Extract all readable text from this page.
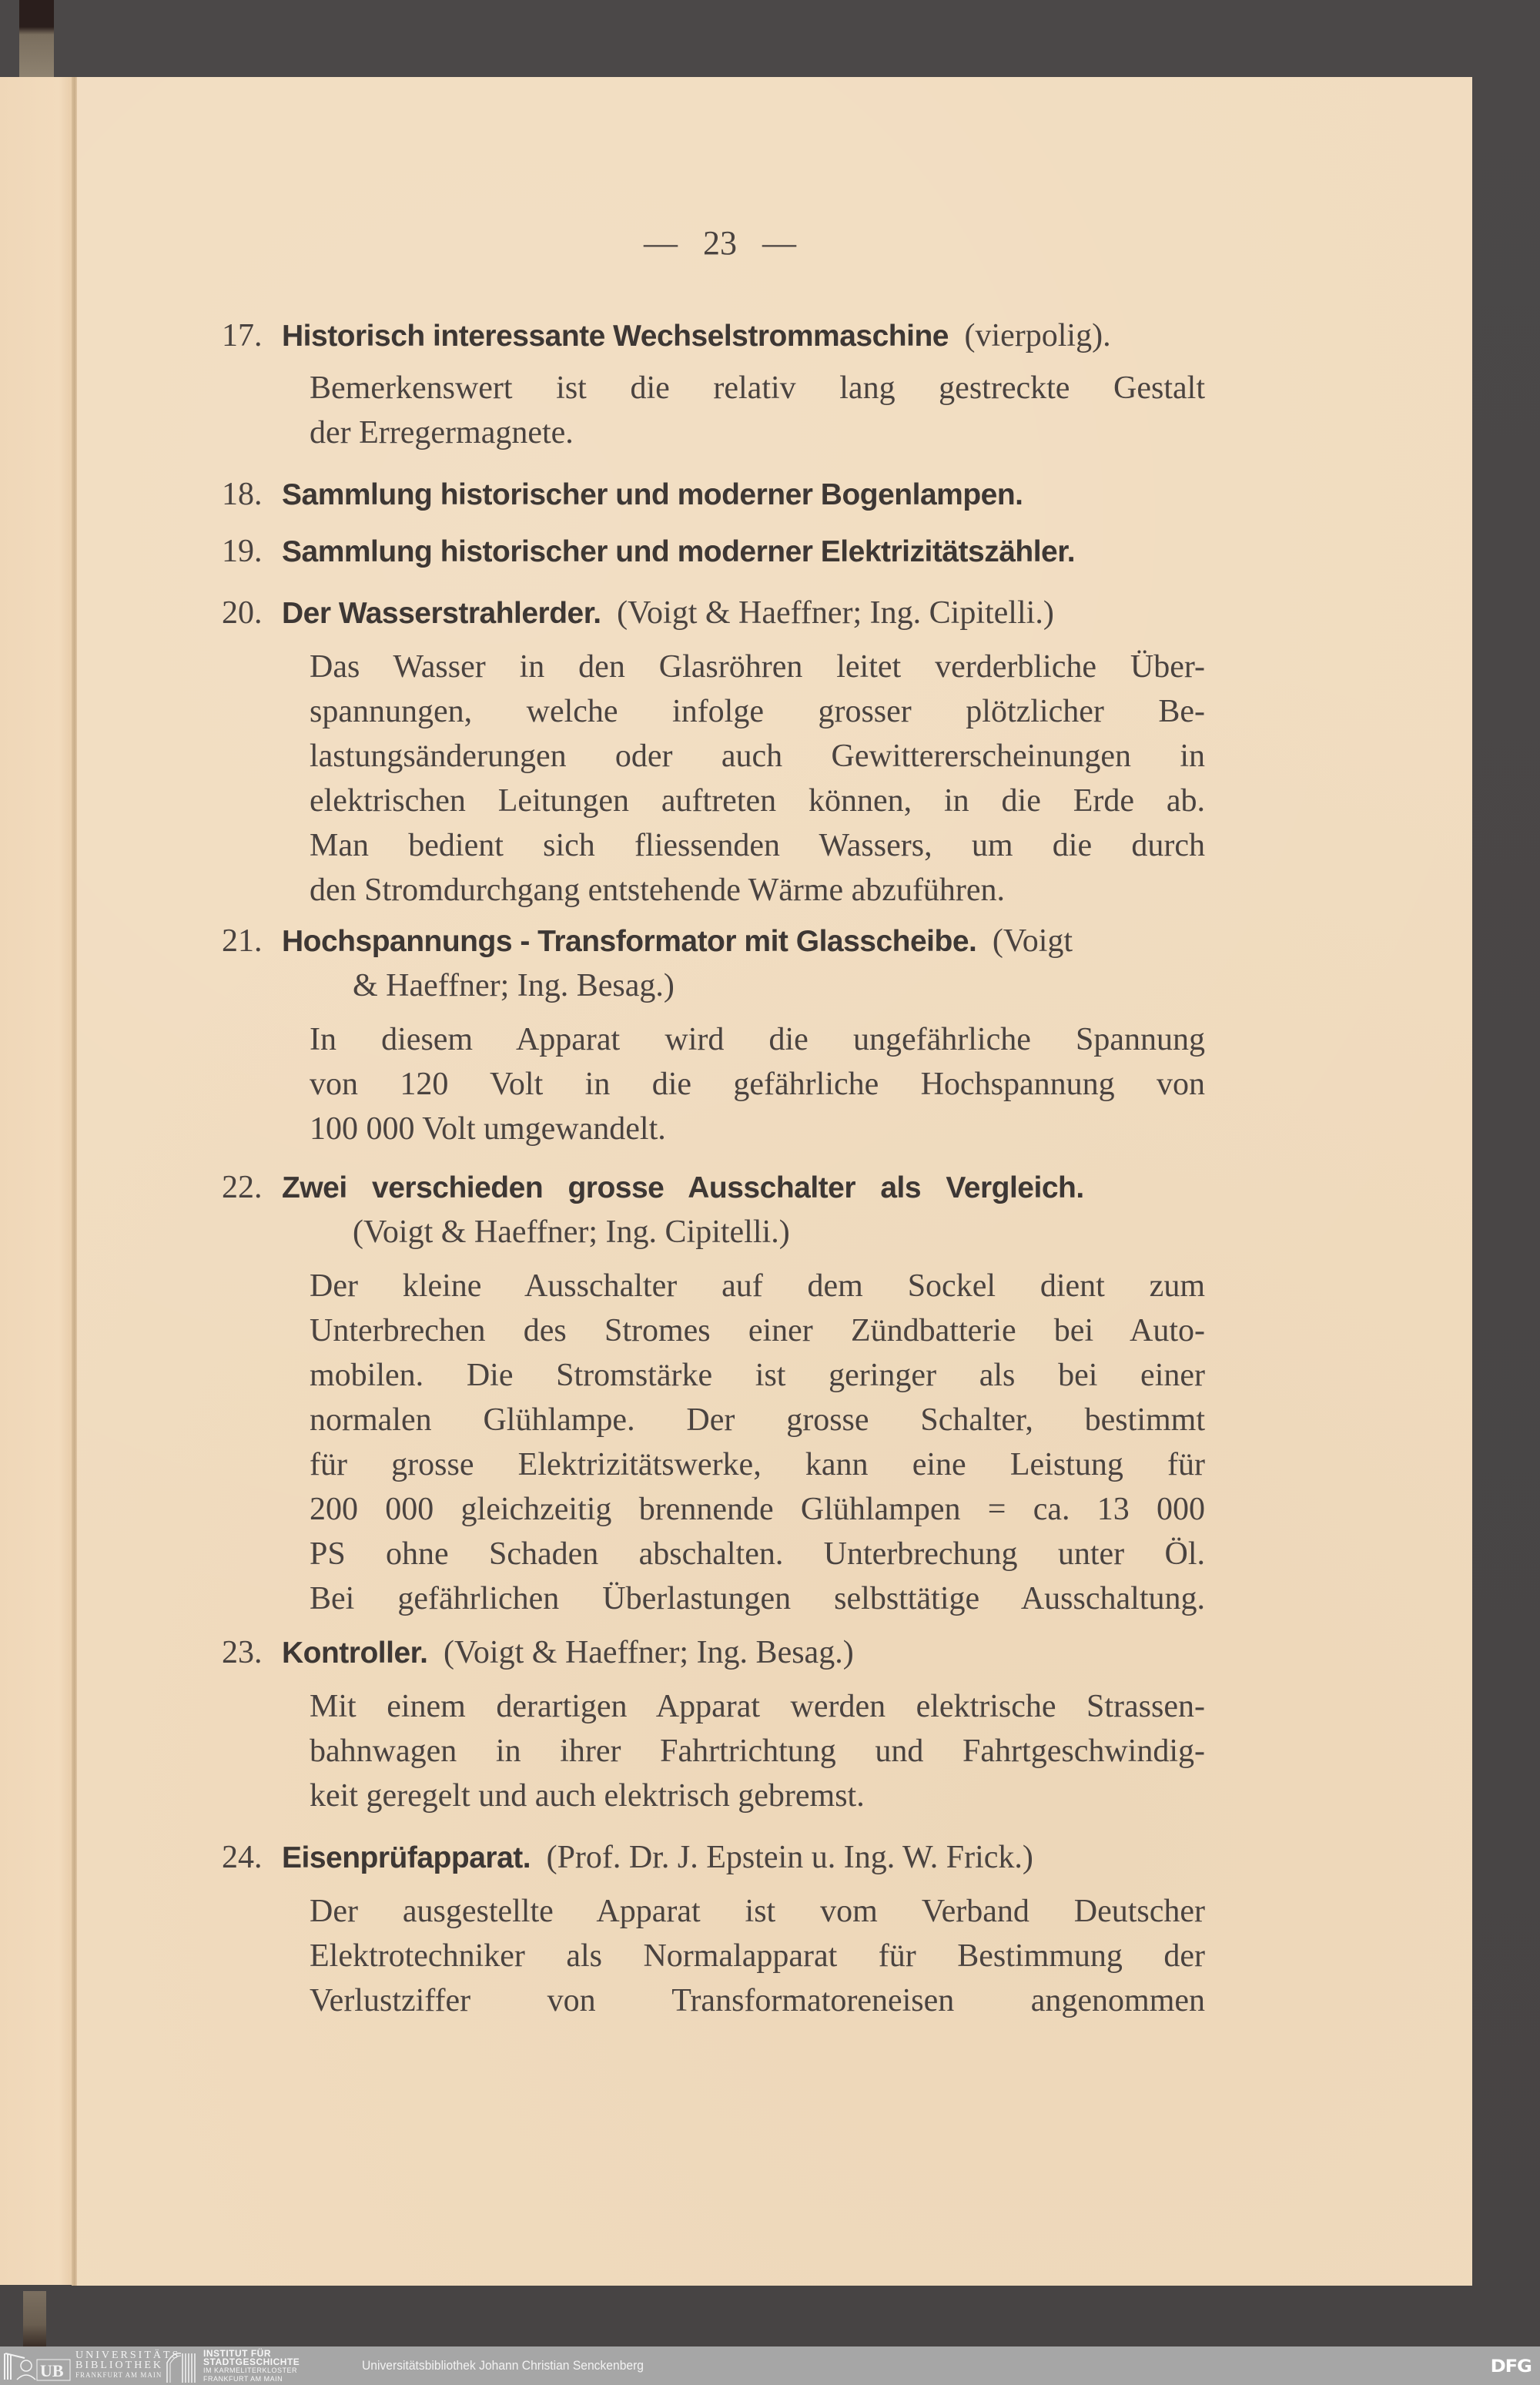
— 23 —
17. Historisch interessante Wechselstrommaschine (vierpolig).
Bemerkenswert ist die relativ lang gestreckte Gestalt
der Erregermagnete.
18. Sammlung historischer und moderner Bogenlampen.
19. Sammlung historischer und moderner Elektrizitätszähler.
20. Der Wasserstrahlerder. (Voigt & Haeffner; Ing. Cipitelli.)
Das Wasser in den Glasröhren leitet verderbliche Über-
spannungen, welche infolge grosser plötzlicher Be-
lastungsänderungen oder auch Gewittererscheinungen in
elektrischen Leitungen auftreten können, in die Erde ab.
Man bedient sich fliessenden Wassers, um die durch
den Stromdurchgang entstehende Wärme abzuführen.
21. Hochspannungs - Transformator mit Glasscheibe. (Voigt
& Haeffner; Ing. Besag.)
In diesem Apparat wird die ungefährliche Spannung
von 120 Volt in die gefährliche Hochspannung von
100 000 Volt umgewandelt.
22. Zwei verschieden grosse Ausschalter als Vergleich.
(Voigt & Haeffner; Ing. Cipitelli.)
Der kleine Ausschalter auf dem Sockel dient zum
Unterbrechen des Stromes einer Zündbatterie bei Auto-
mobilen. Die Stromstärke ist geringer als bei einer
normalen Glühlampe. Der grosse Schalter, bestimmt
für grosse Elektrizitätswerke, kann eine Leistung für
200 000 gleichzeitig brennende Glühlampen = ca. 13 000
PS ohne Schaden abschalten. Unterbrechung unter Öl.
Bei gefährlichen Überlastungen selbsttätige Ausschaltung.
23. Kontroller. (Voigt & Haeffner; Ing. Besag.)
Mit einem derartigen Apparat werden elektrische Strassen-
bahnwagen in ihrer Fahrtrichtung und Fahrtgeschwindig-
keit geregelt und auch elektrisch gebremst.
24. Eisenprüfapparat. (Prof. Dr. J. Epstein u. Ing. W. Frick.)
Der ausgestellte Apparat ist vom Verband Deutscher
Elektrotechniker als Normalapparat für Bestimmung der
Verlustziffer von Transformatoreneisen angenommen
UB
UNIVERSITÄTS
BIBLIOTHEK
FRANKFURT AM MAIN
INSTITUT FÜR
STADTGESCHICHTE
IM KARMELITERKLOSTER
FRANKFURT AM MAIN
Universitätsbibliothek Johann Christian Senckenberg	DFG
